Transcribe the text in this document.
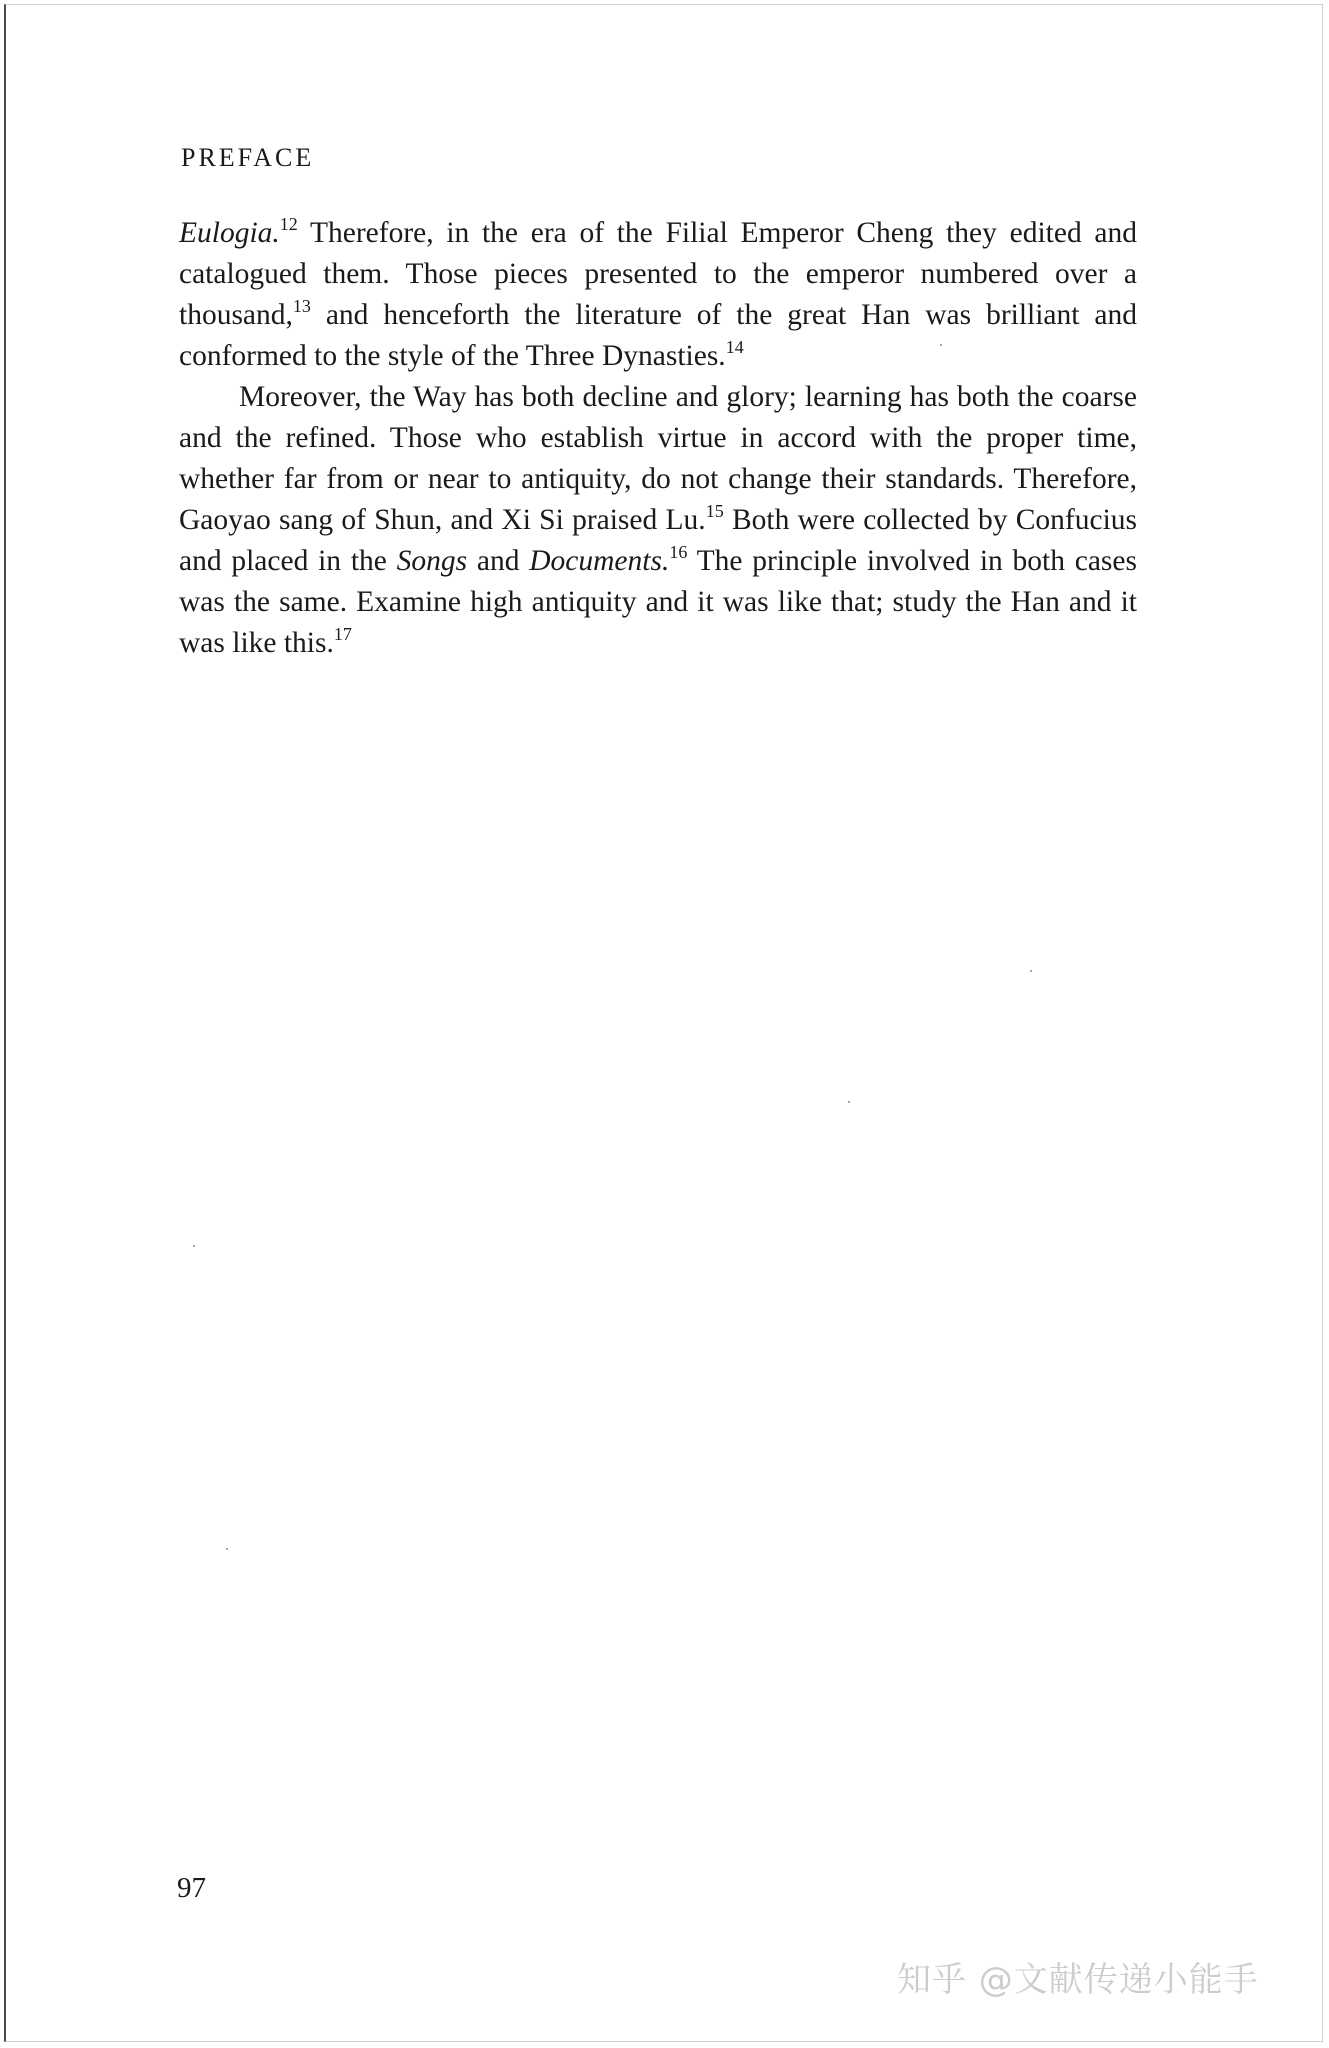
PREFACE

Eulogia.$^{12}$ Therefore, in the era of the Filial Emperor Cheng they edited and catalogued them. Those pieces presented to the emperor numbered over a thousand,$^{13}$ and henceforth the literature of the great Han was brilliant and conformed to the style of the Three Dynasties.$^{14}$

Moreover, the Way has both decline and glory; learning has both the coarse and the refined. Those who establish virtue in accord with the proper time, whether far from or near to antiquity, do not change their standards. Therefore, Gaoyao sang of Shun, and Xi Si praised Lu.$^{15}$ Both were collected by Confucius and placed in the Songs and Documents.$^{16}$ The principle involved in both cases was the same. Examine high antiquity and it was like that; study the Han and it was like this.$^{17}$

97
知乎 @文献传递小能手
